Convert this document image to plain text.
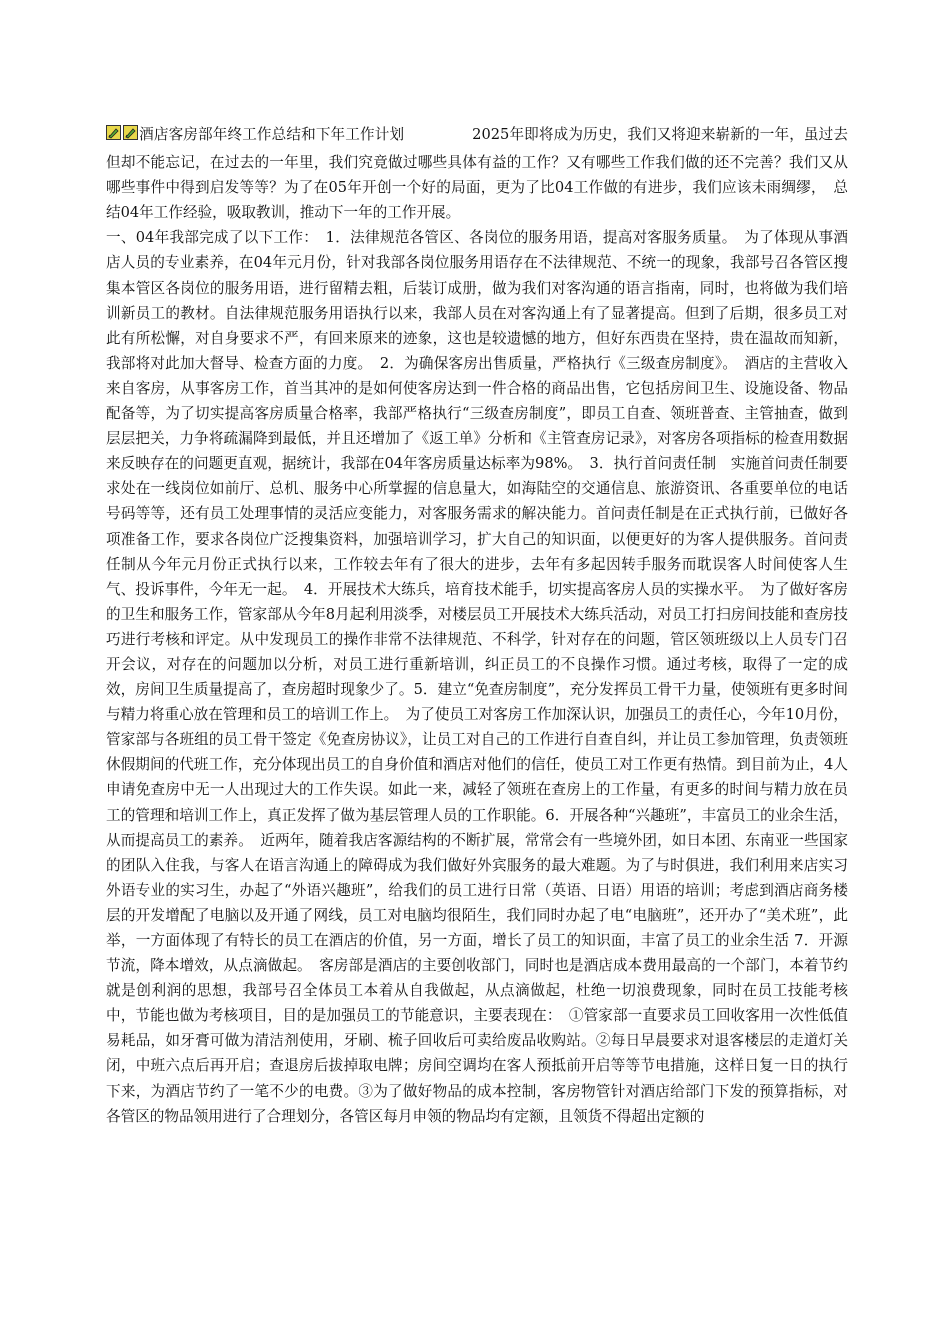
酒店客房部年终工作总结和下年工作计划	2025年即将成为历史，我们又将迎来崭新的一年，虽过去但却不能忘记，在过去的一年里，我们究竟做过哪些具体有益的工作？又有哪些工作我们做的还不完善？我们又从哪些事件中得到启发等等？为了在05年开创一个好的局面，更为了比04工作做的有进步，我们应该未雨绸缪，　总结04年工作经验，吸取教训，推动下一年的工作开展。
一、04年我部完成了以下工作：　1．法律规范各管区、各岗位的服务用语，提高对客服务质量。　为了体现从事酒店人员的专业素养，在04年元月份，针对我部各岗位服务用语存在不法律规范、不统一的现象，我部号召各管区搜集本管区各岗位的服务用语，进行留精去粗，后装订成册，做为我们对客沟通的语言指南，同时，也将做为我们培训新员工的教材。自法律规范服务用语执行以来，我部人员在对客沟通上有了显著提高。但到了后期，很多员工对此有所松懈，对自身要求不严，有回来原来的迹象，这也是较遗憾的地方，但好东西贵在坚持，贵在温故而知新，我部将对此加大督导、检查方面的力度。　2．为确保客房出售质量，严格执行《三级查房制度》。　酒店的主营收入来自客房，从事客房工作，首当其冲的是如何使客房达到一件合格的商品出售，它包括房间卫生、设施设备、物品配备等，为了切实提高客房质量合格率，我部严格执行“三级查房制度”，即员工自查、领班普查、主管抽查，做到层层把关，力争将疏漏降到最低，并且还增加了《返工单》分析和《主管查房记录》，对客房各项指标的检查用数据来反映存在的问题更直观，据统计，我部在04年客房质量达标率为98%。　3．执行首问责任制　实施首问责任制要求处在一线岗位如前厅、总机、服务中心所掌握的信息量大，如海陆空的交通信息、旅游资讯、各重要单位的电话号码等等，还有员工处理事情的灵活应变能力，对客服务需求的解决能力。首问责任制是在正式执行前，已做好各项准备工作，要求各岗位广泛搜集资料，加强培训学习，扩大自己的知识面，以便更好的为客人提供服务。首问责任制从今年元月份正式执行以来，工作较去年有了很大的进步，去年有多起因转手服务而耽误客人时间使客人生气、投诉事件，今年无一起。　4．开展技术大练兵，培育技术能手，切实提高客房人员的实操水平。　为了做好客房的卫生和服务工作，管家部从今年8月起利用淡季，对楼层员工开展技术大练兵活动，对员工打扫房间技能和查房技巧进行考核和评定。从中发现员工的操作非常不法律规范、不科学，针对存在的问题，管区领班级以上人员专门召开会议，对存在的问题加以分析，对员工进行重新培训，纠正员工的不良操作习惯。通过考核，取得了一定的成效，房间卫生质量提高了，查房超时现象少了。5．建立“免查房制度”，充分发挥员工骨干力量，使领班有更多时间与精力将重心放在管理和员工的培训工作上。　为了使员工对客房工作加深认识，加强员工的责任心，今年10月份，管家部与各班组的员工骨干签定《免查房协议》，让员工对自己的工作进行自查自纠，并让员工参加管理，负责领班休假期间的代班工作，充分体现出员工的自身价值和酒店对他们的信任，使员工对工作更有热情。到目前为止，4人申请免查房中无一人出现过大的工作失误。如此一来，减轻了领班在查房上的工作量，有更多的时间与精力放在员工的管理和培训工作上，真正发挥了做为基层管理人员的工作职能。6．开展各种“兴趣班”，丰富员工的业余生活，从而提高员工的素养。　近两年，随着我店客源结构的不断扩展，常常会有一些境外团，如日本团、东南亚一些国家的团队入住我，与客人在语言沟通上的障碍成为我们做好外宾服务的最大难题。为了与时俱进，我们利用来店实习外语专业的实习生，办起了“外语兴趣班”，给我们的员工进行日常（英语、日语）用语的培训；考虑到酒店商务楼层的开发增配了电脑以及开通了网线，员工对电脑均很陌生，我们同时办起了电“电脑班”，还开办了“美术班”，此举，一方面体现了有特长的员工在酒店的价值，另一方面，增长了员工的知识面，丰富了员工的业余生活 7．开源节流，降本增效，从点滴做起。　客房部是酒店的主要创收部门，同时也是酒店成本费用最高的一个部门，本着节约就是创利润的思想，我部号召全体员工本着从自我做起，从点滴做起，杜绝一切浪费现象，同时在员工技能考核中，节能也做为考核项目，目的是加强员工的节能意识，主要表现在：　①管家部一直要求员工回收客用一次性低值易耗品，如牙膏可做为清洁剂使用，牙刷、梳子回收后可卖给废品收购站。②每日早晨要求对退客楼层的走道灯关闭，中班六点后再开启；查退房后拔掉取电牌；房间空调均在客人预抵前开启等等节电措施，这样日复一日的执行下来，为酒店节约了一笔不少的电费。③为了做好物品的成本控制，客房物管针对酒店给部门下发的预算指标，对各管区的物品领用进行了合理划分，各管区每月申领的物品均有定额，且领货不得超出定额的
